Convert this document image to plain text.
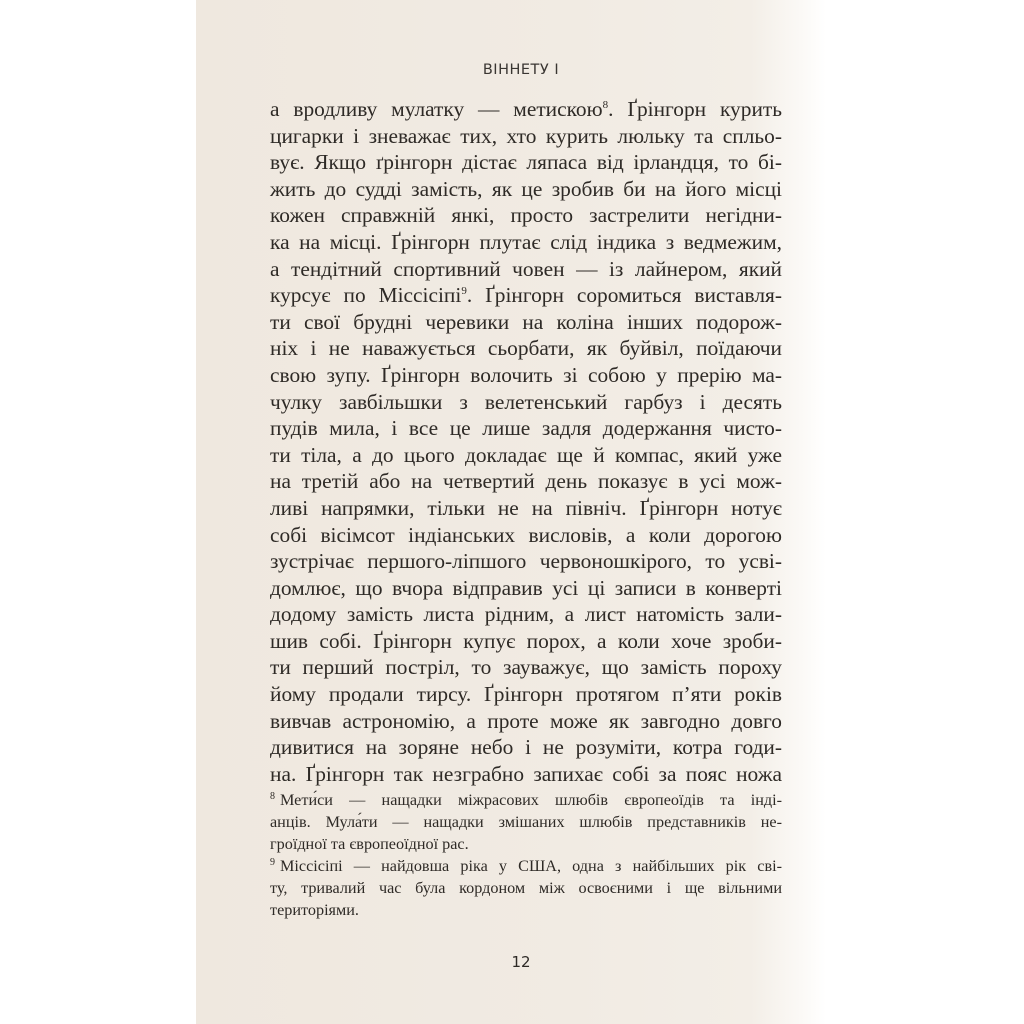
ВІННЕТУ І
а вродливу мулатку — метискою$^8$. Ґрінгорн курить
цигарки і зневажає тих, хто курить люльку та спльо-
вує. Якщо ґрінгорн дістає ляпаса від ірландця, то бі-
жить до судді замість, як це зробив би на його місці
кожен справжній янкі, просто застрелити негідни-
ка на місці. Ґрінгорн плутає слід індика з ведмежим,
а тендітний спортивний човен — із лайнером, який
курсує по Міссісіпі$^9$. Ґрінгорн соромиться виставля-
ти свої брудні черевики на коліна інших подорож-
ніх і не наважується сьорбати, як буйвіл, поїдаючи
свою зупу. Ґрінгорн волочить зі собою у прерію ма-
чулку завбільшки з велетенський гарбуз і десять
пудів мила, і все це лише задля додержання чисто-
ти тіла, а до цього докладає ще й компас, який уже
на третій або на четвертий день показує в усі мож-
ливі напрямки, тільки не на північ. Ґрінгорн нотує
собі вісімсот індіанських висловів, а коли дорогою
зустрічає першого-ліпшого червоношкірого, то усві-
домлює, що вчора відправив усі ці записи в конверті
додому замість листа рідним, а лист натомість зали-
шив собі. Ґрінгорн купує порох, а коли хоче зроби-
ти перший постріл, то зауважує, що замість пороху
йому продали тирсу. Ґрінгорн протягом п’яти років
вивчав астрономію, а проте може як завгодно довго
дивитися на зоряне небо і не розуміти, котра годи-
на. Ґрінгорн так незграбно запихає собі за пояс ножа
$^8$ Мети́си — нащадки міжрасових шлюбів європеоїдів та інді-
анців. Мула́ти — нащадки змішаних шлюбів представників не-
гроїдної та європеоїдної рас.
$^9$ Міссісіпі — найдовша ріка у США, одна з найбільших рік сві-
ту, тривалий час була кордоном між освоєними і ще вільними
територіями.
12
